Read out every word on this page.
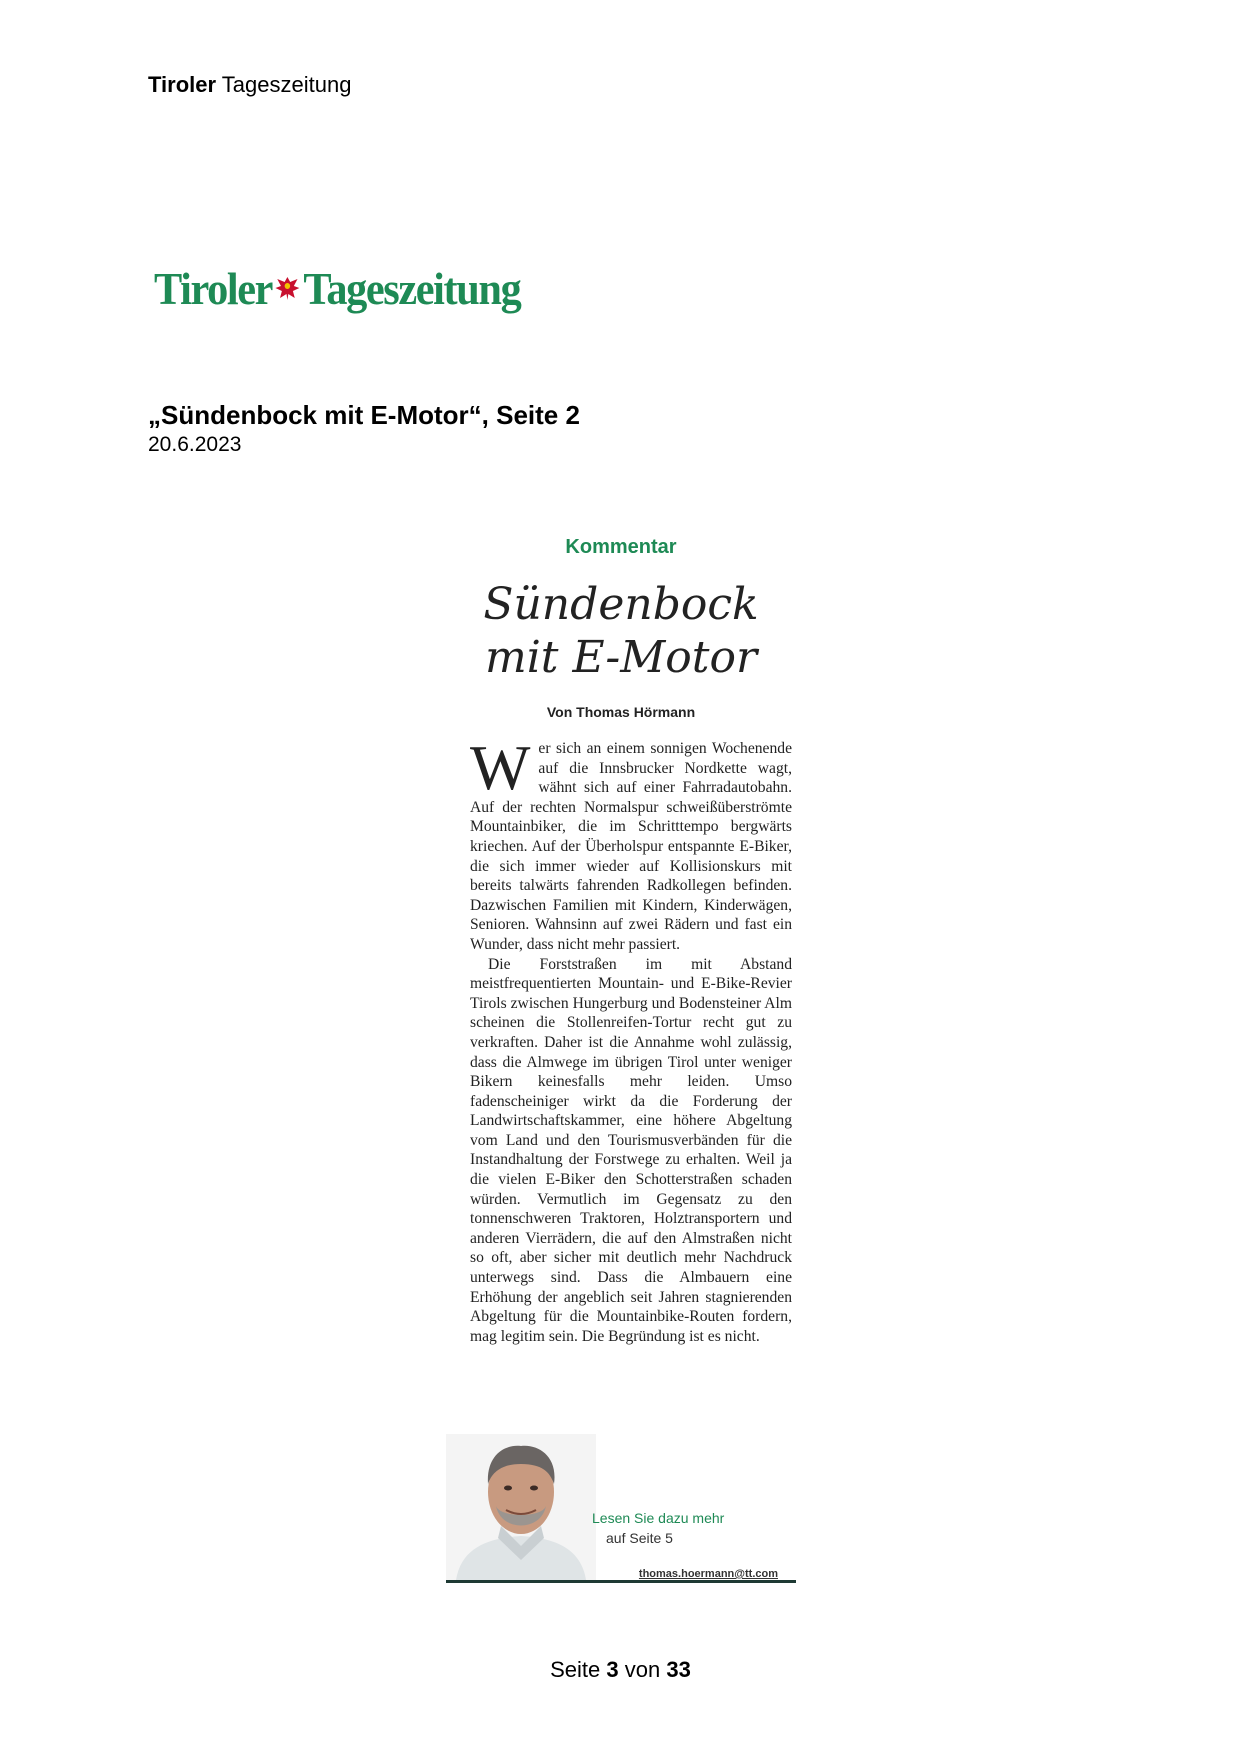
Tiroler Tageszeitung
Tiroler Tageszeitung
„Sündenbock mit E-Motor“, Seite 2
20.6.2023
Kommentar
Sündenbock
mit E-Motor
Von Thomas Hörmann

Wer sich an einem sonnigen Wochenende auf die Innsbrucker Nordkette wagt, wähnt sich auf einer Fahrradautobahn. Auf der rechten Normalspur schweißüberströmte Mountainbiker, die im Schritttempo bergwärts kriechen. Auf der Überholspur entspannte E-Biker, die sich immer wieder auf Kollisionskurs mit bereits talwärts fahrenden Radkollegen befinden. Dazwischen Familien mit Kindern, Kinderwägen, Senioren. Wahnsinn auf zwei Rädern und fast ein Wunder, dass nicht mehr passiert.

Die Forststraßen im mit Abstand meistfrequentierten Mountain- und E-Bike-Revier Tirols zwischen Hungerburg und Bodensteiner Alm scheinen die Stollenreifen-Tortur recht gut zu verkraften. Daher ist die Annahme wohl zulässig, dass die Almwege im übrigen Tirol unter weniger Bikern keinesfalls mehr leiden. Umso fadenscheiniger wirkt da die Forderung der Landwirtschaftskammer, eine höhere Abgeltung vom Land und den Tourismusverbänden für die Instandhaltung der Forstwege zu erhalten. Weil ja die vielen E-Biker den Schotterstraßen schaden würden. Vermutlich im Gegensatz zu den tonnenschweren Traktoren, Holztransportern und anderen Vierrädern, die auf den Almstraßen nicht so oft, aber sicher mit deutlich mehr Nachdruck unterwegs sind. Dass die Almbauern eine Erhöhung der angeblich seit Jahren stagnierenden Abgeltung für die Mountainbike-Routen fordern, mag legitim sein. Die Begründung ist es nicht.

Lesen Sie dazu mehr
auf Seite 5
thomas.hoermann@tt.com
Seite 3 von 33
